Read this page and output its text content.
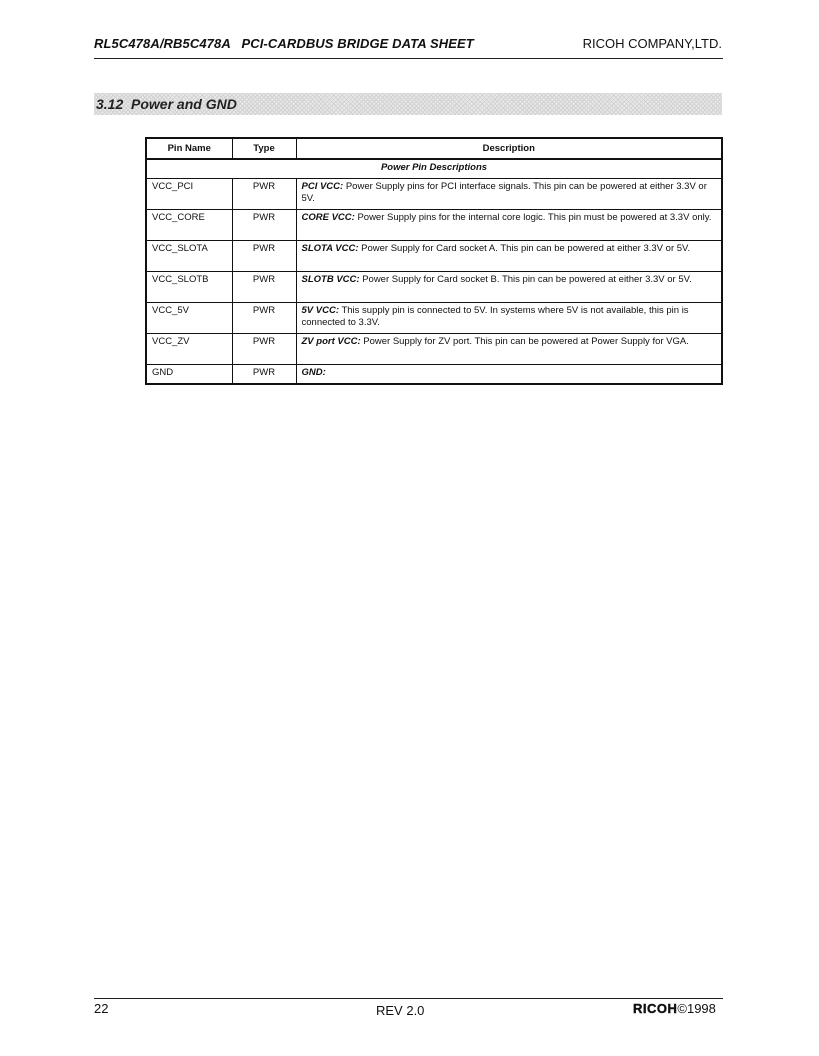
RL5C478A/RB5C478A   PCI-CARDBUS BRIDGE DATA SHEET	RICOH COMPANY,LTD.
3.12  Power and GND
Pin Name	Type	Description
Power Pin Descriptions		
VCC_PCI	PWR	PCI VCC: Power Supply pins for PCI interface signals. This pin can be powered at either 3.3V or 5V.
VCC_CORE	PWR	CORE VCC: Power Supply pins for the internal core logic. This pin must be powered at 3.3V only.
VCC_SLOTA	PWR	SLOTA VCC: Power Supply for Card socket A. This pin can be powered at either 3.3V or 5V.
VCC_SLOTB	PWR	SLOTB VCC: Power Supply for Card socket B. This pin can be powered at either 3.3V or 5V.
VCC_5V	PWR	5V VCC: This supply pin is connected to 5V. In systems where 5V is not available, this pin is connected to 3.3V.
VCC_ZV	PWR	ZV port VCC: Power Supply for ZV port. This pin can be powered at Power Supply for VGA.
GND	PWR	GND:
22	REV 2.0	RICOH©1998
